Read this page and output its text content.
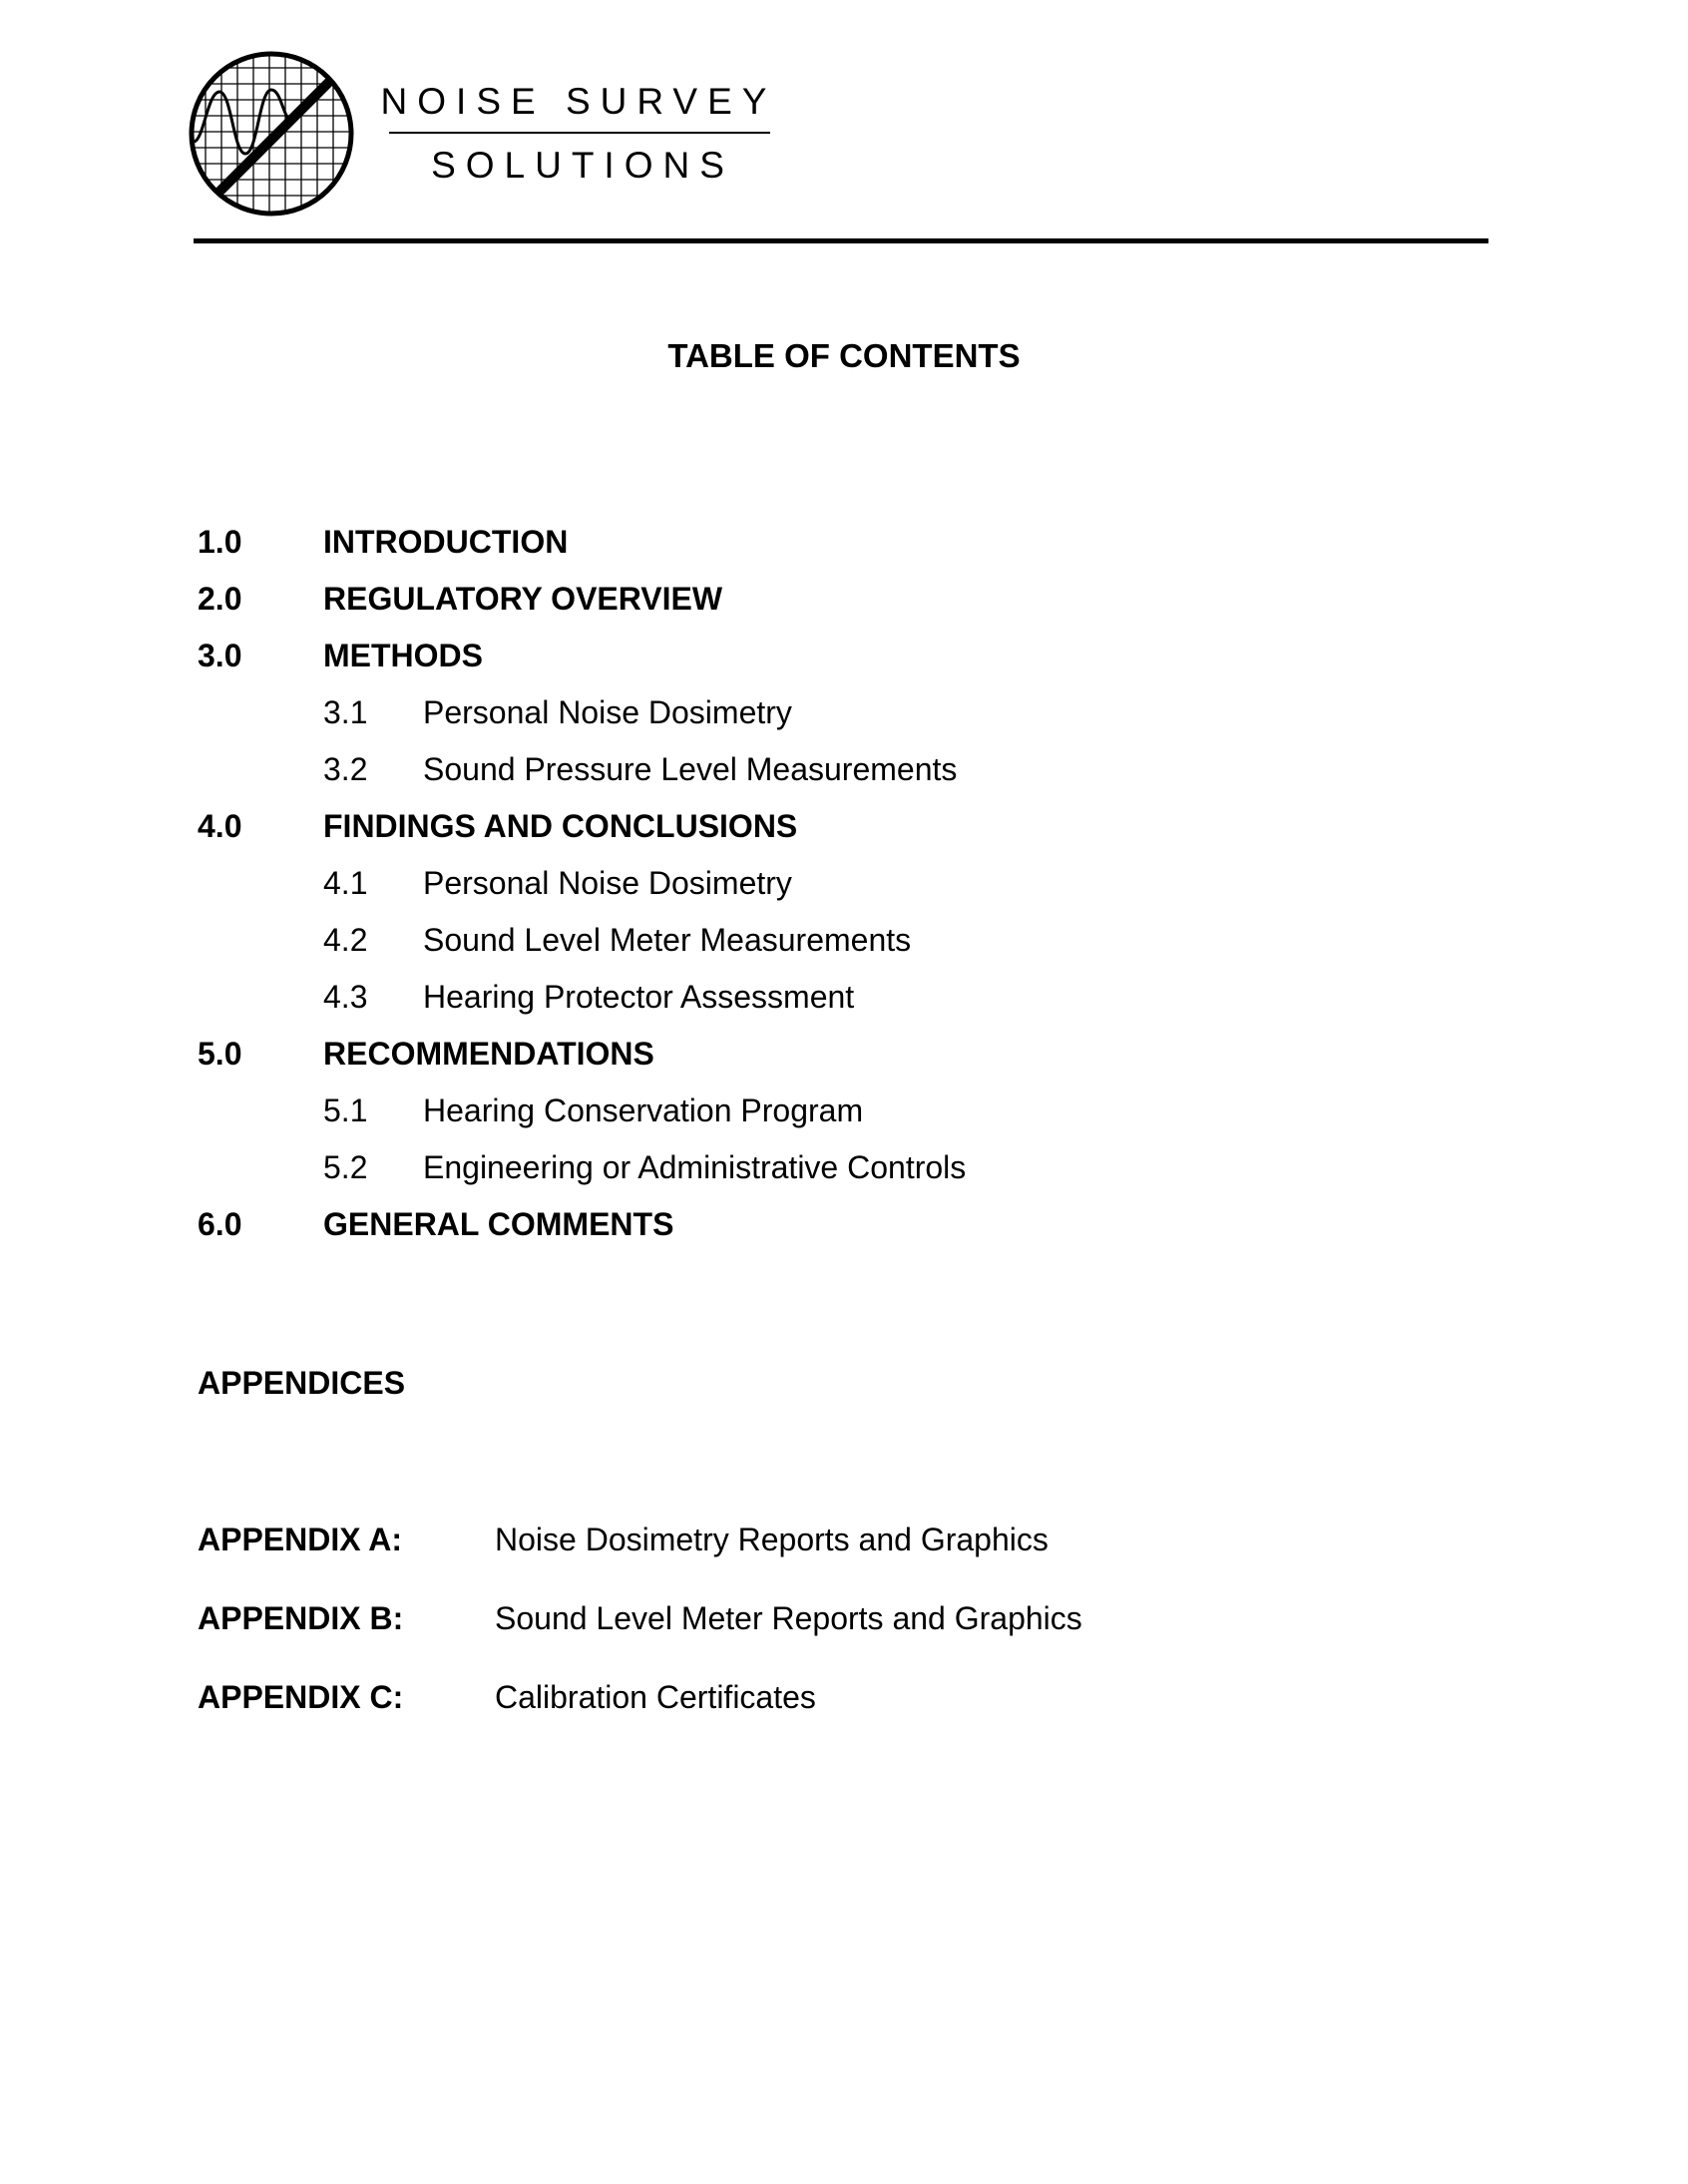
NOISE SURVEY
SOLUTIONS
TABLE OF CONTENTS
1.0	INTRODUCTION
2.0	REGULATORY OVERVIEW
3.0	METHODS
3.1 Personal Noise Dosimetry
3.2 Sound Pressure Level Measurements
4.0	FINDINGS AND CONCLUSIONS
4.1 Personal Noise Dosimetry
4.2 Sound Level Meter Measurements
4.3 Hearing Protector Assessment
5.0	RECOMMENDATIONS
5.1 Hearing Conservation Program
5.2 Engineering or Administrative Controls
6.0	GENERAL COMMENTS
APPENDICES
APPENDIX A:	Noise Dosimetry Reports and Graphics
APPENDIX B:	Sound Level Meter Reports and Graphics
APPENDIX C:	Calibration Certificates
